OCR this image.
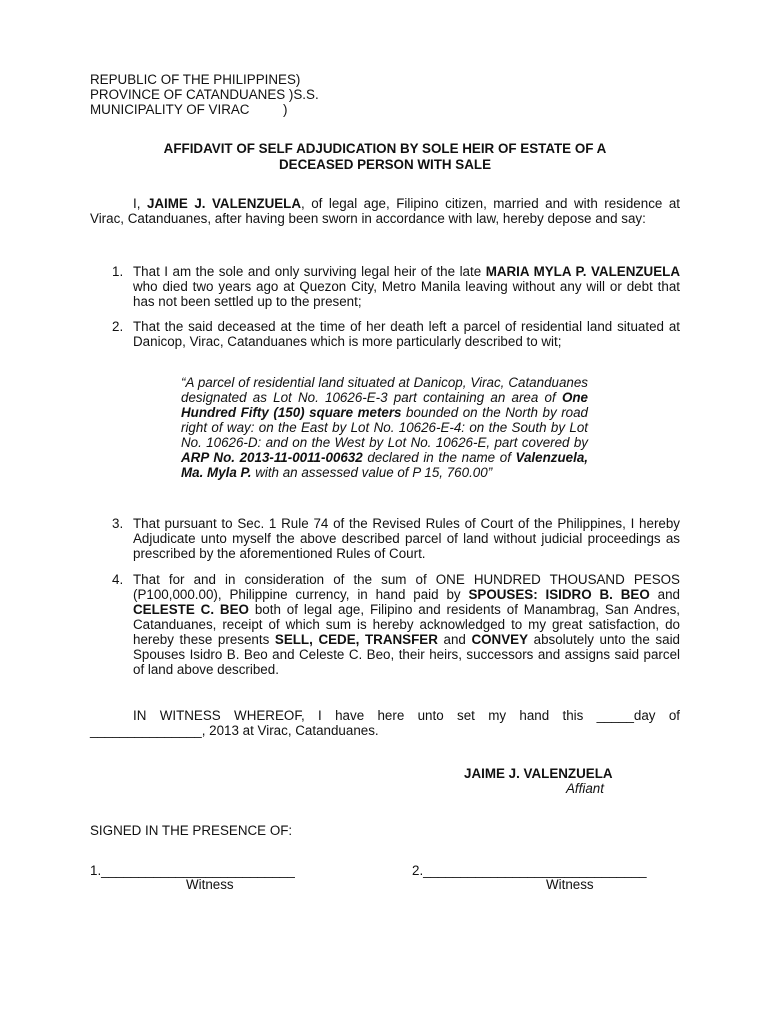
REPUBLIC OF THE PHILIPPINES)
PROVINCE OF CATANDUANES )S.S.
MUNICIPALITY OF VIRAC         )
AFFIDAVIT OF SELF ADJUDICATION BY SOLE HEIR OF ESTATE OF A
DECEASED PERSON WITH SALE
I, JAIME J. VALENZUELA, of legal age, Filipino citizen, married and with residence at Virac, Catanduanes, after having been sworn in accordance with law, hereby depose and say:
1. That I am the sole and only surviving legal heir of the late MARIA MYLA P. VALENZUELA who died two years ago at Quezon City, Metro Manila leaving without any will or debt that has not been settled up to the present;
2. That the said deceased at the time of her death left a parcel of residential land situated at Danicop, Virac, Catanduanes which is more particularly described to wit;
“A parcel of residential land situated at Danicop, Virac, Catanduanes designated as Lot No. 10626-E-3 part containing an area of One Hundred Fifty (150) square meters bounded on the North by road right of way: on the East by Lot No. 10626-E-4: on the South by Lot No. 10626-D: and on the West by Lot No. 10626-E, part covered by ARP No. 2013-11-0011-00632 declared in the name of Valenzuela, Ma. Myla P. with an assessed value of P 15, 760.00”
3. That pursuant to Sec. 1 Rule 74 of the Revised Rules of Court of the Philippines, I hereby Adjudicate unto myself the above described parcel of land without judicial proceedings as prescribed by the aforementioned Rules of Court.
4. That for and in consideration of the sum of ONE HUNDRED THOUSAND PESOS (P100,000.00), Philippine currency, in hand paid by SPOUSES: ISIDRO B. BEO and CELESTE C. BEO both of legal age, Filipino and residents of Manambrag, San Andres, Catanduanes, receipt of which sum is hereby acknowledged to my great satisfaction, do hereby these presents SELL, CEDE, TRANSFER and CONVEY absolutely unto the said Spouses Isidro B. Beo and Celeste C. Beo, their heirs, successors and assigns said parcel of land above described.
IN WITNESS WHEREOF, I have here unto set my hand this _____day of _______________, 2013 at Virac, Catanduanes.
JAIME J. VALENZUELA
Affiant
SIGNED IN THE PRESENCE OF:
1.__________________________	2.______________________________
Witness	Witness
